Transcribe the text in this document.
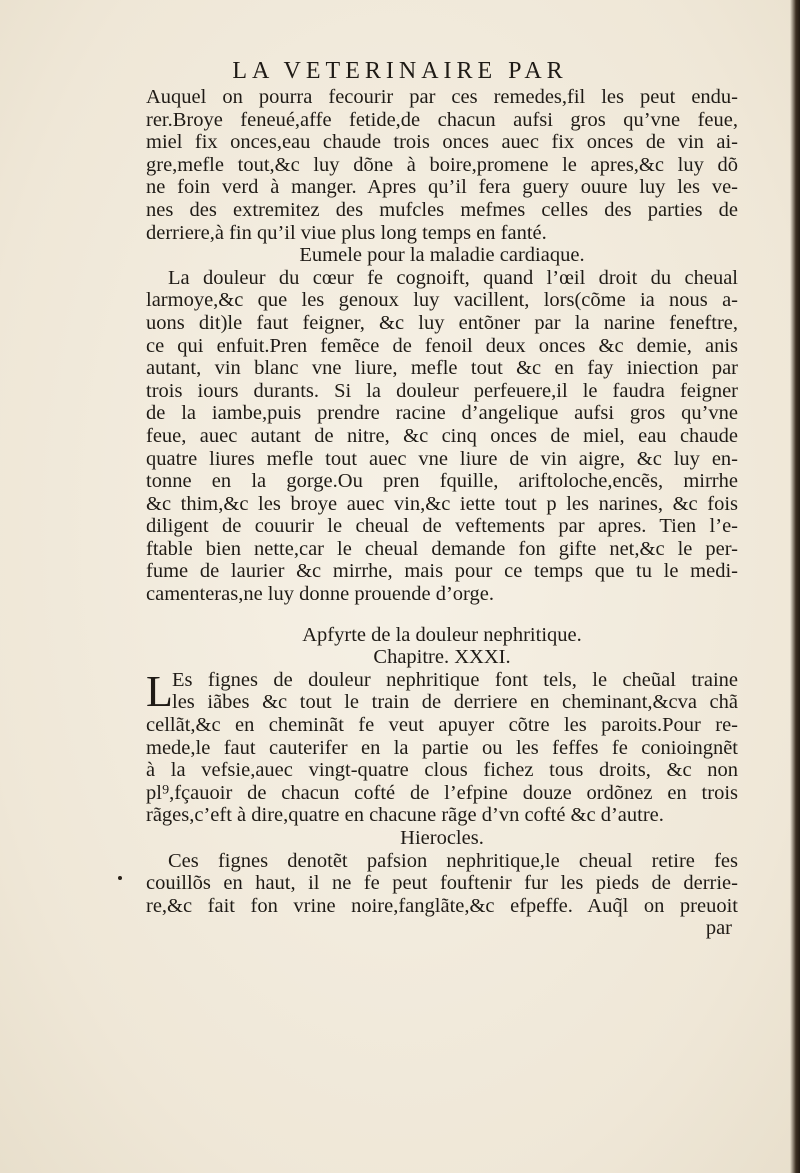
LA VETERINAIRE PAR
Auquel on pourra fecourir par ces remedes,fil les peut endu-
rer.Broye feneué,affe fetide,de chacun aufsi gros qu’vne feue,
miel fix onces,eau chaude trois onces auec fix onces de vin ai-
gre,mefle tout,&c luy dõne à boire,promene le apres,&c luy dõ
ne foin verd à manger. Apres qu’il fera guery ouure luy les ve-
nes des extremitez des mufcles mefmes celles des parties de
derriere,à fin qu’il viue plus long temps en fanté.
Eumele pour la maladie cardiaque.
La douleur du cœur fe cognoift, quand l’œil droit du cheual
larmoye,&c que les genoux luy vacillent, lors(cõme ia nous a-
uons dit)le faut feigner, &c luy entõner par la narine feneftre,
ce qui enfuit.Pren femẽce de fenoil deux onces &c demie, anis
autant, vin blanc vne liure, mefle tout &c en fay iniection par
trois iours durants. Si la douleur perfeuere,il le faudra feigner
de la iambe,puis prendre racine d’angelique aufsi gros qu’vne
feue, auec autant de nitre, &c cinq onces de miel, eau chaude
quatre liures mefle tout auec vne liure de vin aigre, &c luy en-
tonne en la gorge.Ou pren fquille, ariftoloche,encẽs, mirrhe
&c thim,&c les broye auec vin,&c iette tout p les narines, &c fois
diligent de couurir le cheual de veftements par apres. Tien l’e-
ftable bien nette,car le cheual demande fon gifte net,&c le per-
fume de laurier &c mirrhe, mais pour ce temps que tu le medi-
camenteras,ne luy donne prouende d’orge.
Apfyrte de la douleur nephritique.
Chapitre. XXXI.
L Es fignes de douleur nephritique font tels, le cheũal traine
les iãbes &c tout le train de derriere en cheminant,&cva chã
cellãt,&c en cheminãt fe veut apuyer cõtre les paroits.Pour re-
mede,le faut cauterifer en la partie ou les feffes fe conioingnẽt
à la vefsie,auec vingt-quatre clous fichez tous droits, &c non
pl⁹,fçauoir de chacun cofté de l’efpine douze ordõnez en trois
rãges,c’eft à dire,quatre en chacune rãge d’vn cofté &c d’autre.
Hierocles.
Ces fignes denotẽt pafsion nephritique,le cheual retire fes
couillõs en haut, il ne fe peut fouftenir fur les pieds de derrie-
re,&c fait fon vrine noire,fanglãte,&c efpeffe. Auq̃l on preuoit
par
